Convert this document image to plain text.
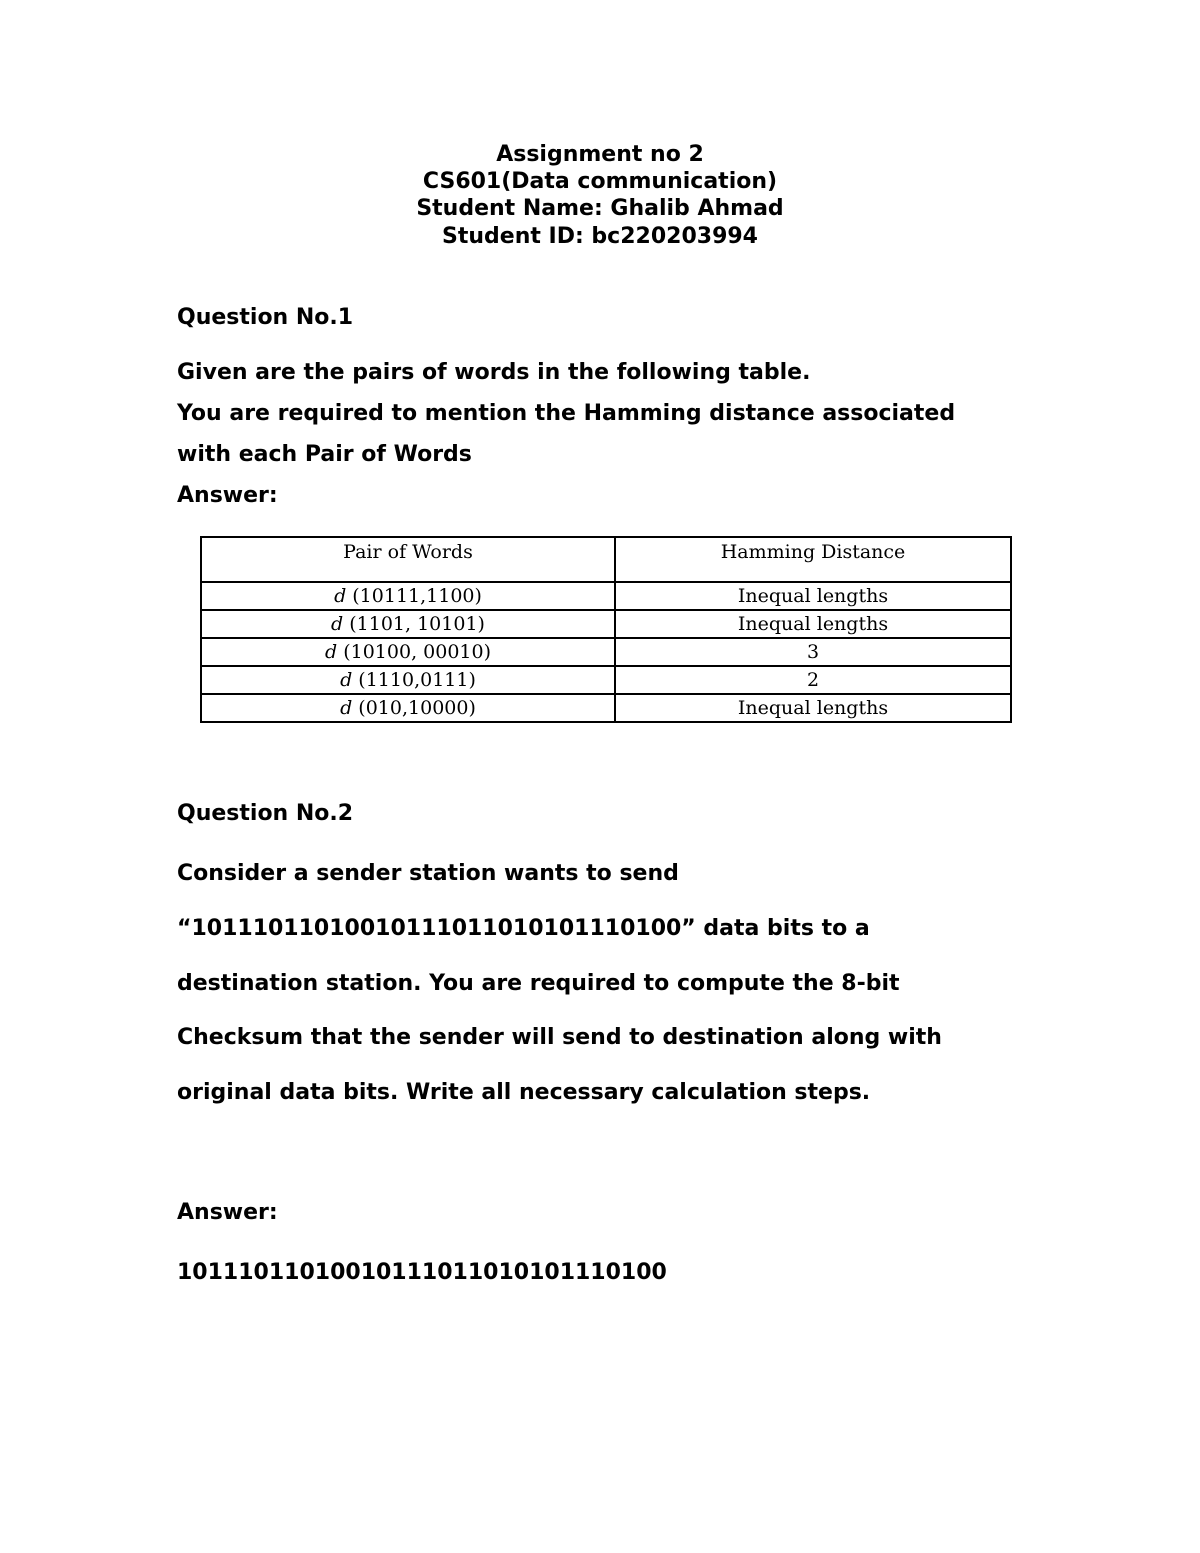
Assignment no 2

CS601(Data communication)

Student Name: Ghalib Ahmad

Student ID: bc220203994

Question No.1

Given are the pairs of words in the following table.

You are required to mention the Hamming distance associated

with each Pair of Words

Answer:

Pair of Words	Hamming Distance
d (10111,1100)	Inequal lengths
d (1101, 10101)	Inequal lengths
d (10100, 00010)	3
d (1110,0111)	2
d (010,10000)	Inequal lengths

Question No.2

Consider a sender station wants to send

“10111011010010111011010101110100” data bits to a

destination station. You are required to compute the 8-bit

Checksum that the sender will send to destination along with

original data bits. Write all necessary calculation steps.

Answer:

10111011010010111011010101110100
